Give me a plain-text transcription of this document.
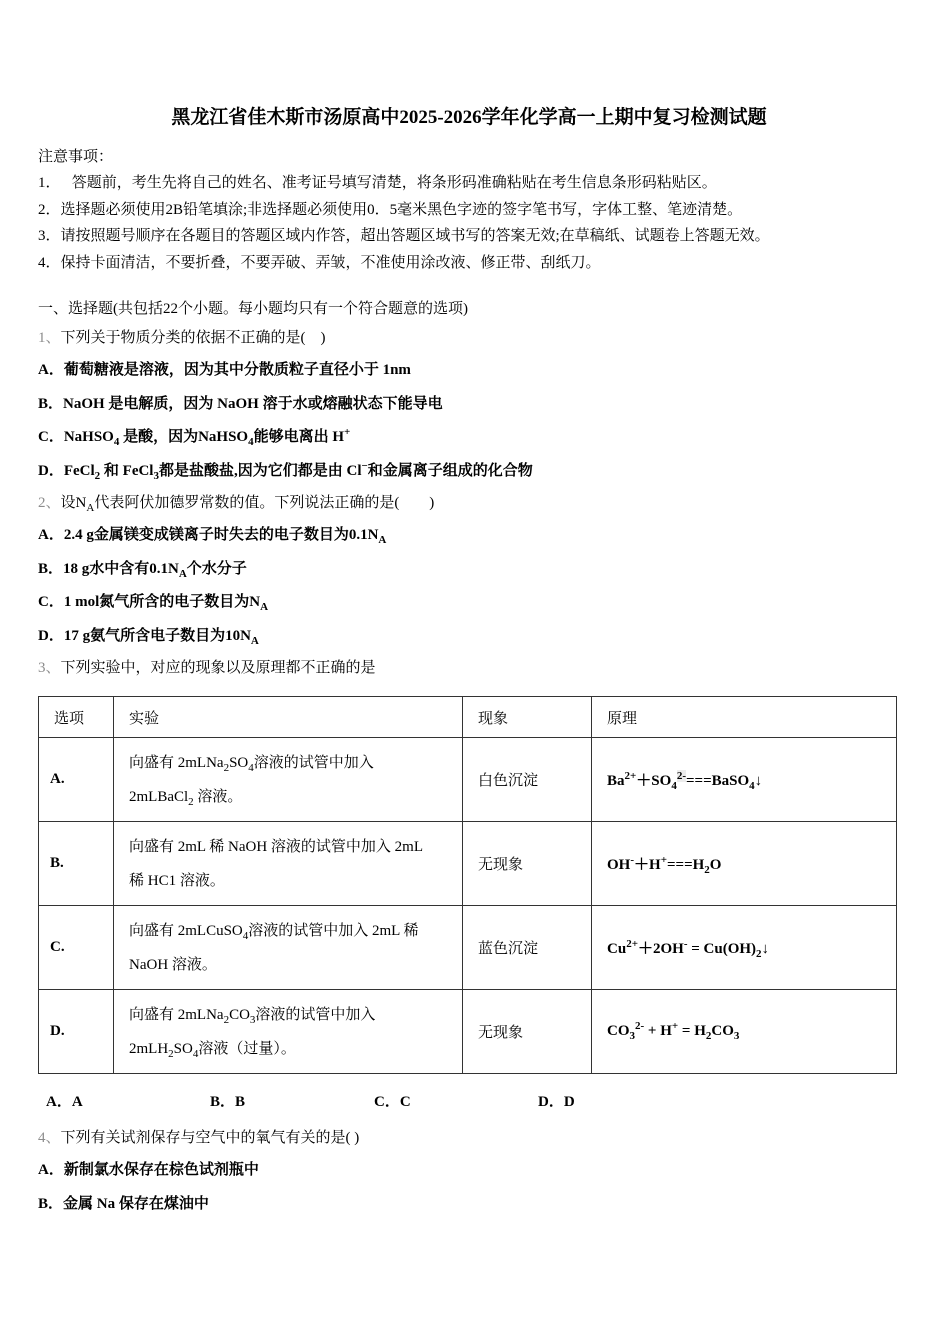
黑龙江省佳木斯市汤原高中2025-2026学年化学高一上期中复习检测试题
注意事项：
1．   答题前，考生先将自己的姓名、准考证号填写清楚，将条形码准确粘贴在考生信息条形码粘贴区。
2．选择题必须使用2B铅笔填涂;非选择题必须使用0．5毫米黑色字迹的签字笔书写，字体工整、笔迹清楚。
3．请按照题号顺序在各题目的答题区域内作答，超出答题区域书写的答案无效;在草稿纸、试题卷上答题无效。
4．保持卡面清洁，不要折叠，不要弄破、弄皱，不准使用涂改液、修正带、刮纸刀。
一、选择题(共包括22个小题。每小题均只有一个符合题意的选项)
1、下列关于物质分类的依据不正确的是(　)
A．葡萄糖液是溶液，因为其中分散质粒子直径小于 1nm
B．NaOH 是电解质，因为 NaOH 溶于水或熔融状态下能导电
C．NaHSO$_4$ 是酸，因为NaHSO$_4$能够电离出 H+
D．FeCl$_2$ 和 FeCl$_3$都是盐酸盐,因为它们都是由 Cl−和金属离子组成的化合物
2、设$N_A$代表阿伏加德罗常数的值。下列说法正确的是(　　)
A．2.4 g金属镁变成镁离子时失去的电子数目为$0.1N_A$
B．18 g水中含有$0.1N_A$个水分子
C．1 mol氮气所含的电子数目为$N_A$
D．17 g氨气所含电子数目为$10N_A$
3、下列实验中，对应的现象以及原理都不正确的是
选项	实验	现象	原理
A.	向盛有 $2mLNa_2SO_4$溶液的试管中加入 2mLBaCl$_2$ 溶液。	白色沉淀	$Ba^{2+}+SO_4^{2-}===BaSO_4↓$
B.	向盛有 2mL 稀 NaOH 溶液的试管中加入 2mL 稀 HC1 溶液。	无现象	$OH^-+H^+===H_2O$
C.	向盛有 2mLCuSO$_4$溶液的试管中加入 2mL 稀 NaOH 溶液。	蓝色沉淀	$Cu^{2+}+2OH^-$ = $Cu(OH)_2↓$
D.	向盛有 $2mLNa_2CO_3$溶液的试管中加入 $2mLH_2SO_4$溶液（过量）。	无现象	$CO_3^{2-} + H^+ = H_2CO_3$
A．A	B．B	C．C	D．D
4、下列有关试剂保存与空气中的氧气有关的是( )
A．新制氯水保存在棕色试剂瓶中
B．金属 Na 保存在煤油中
